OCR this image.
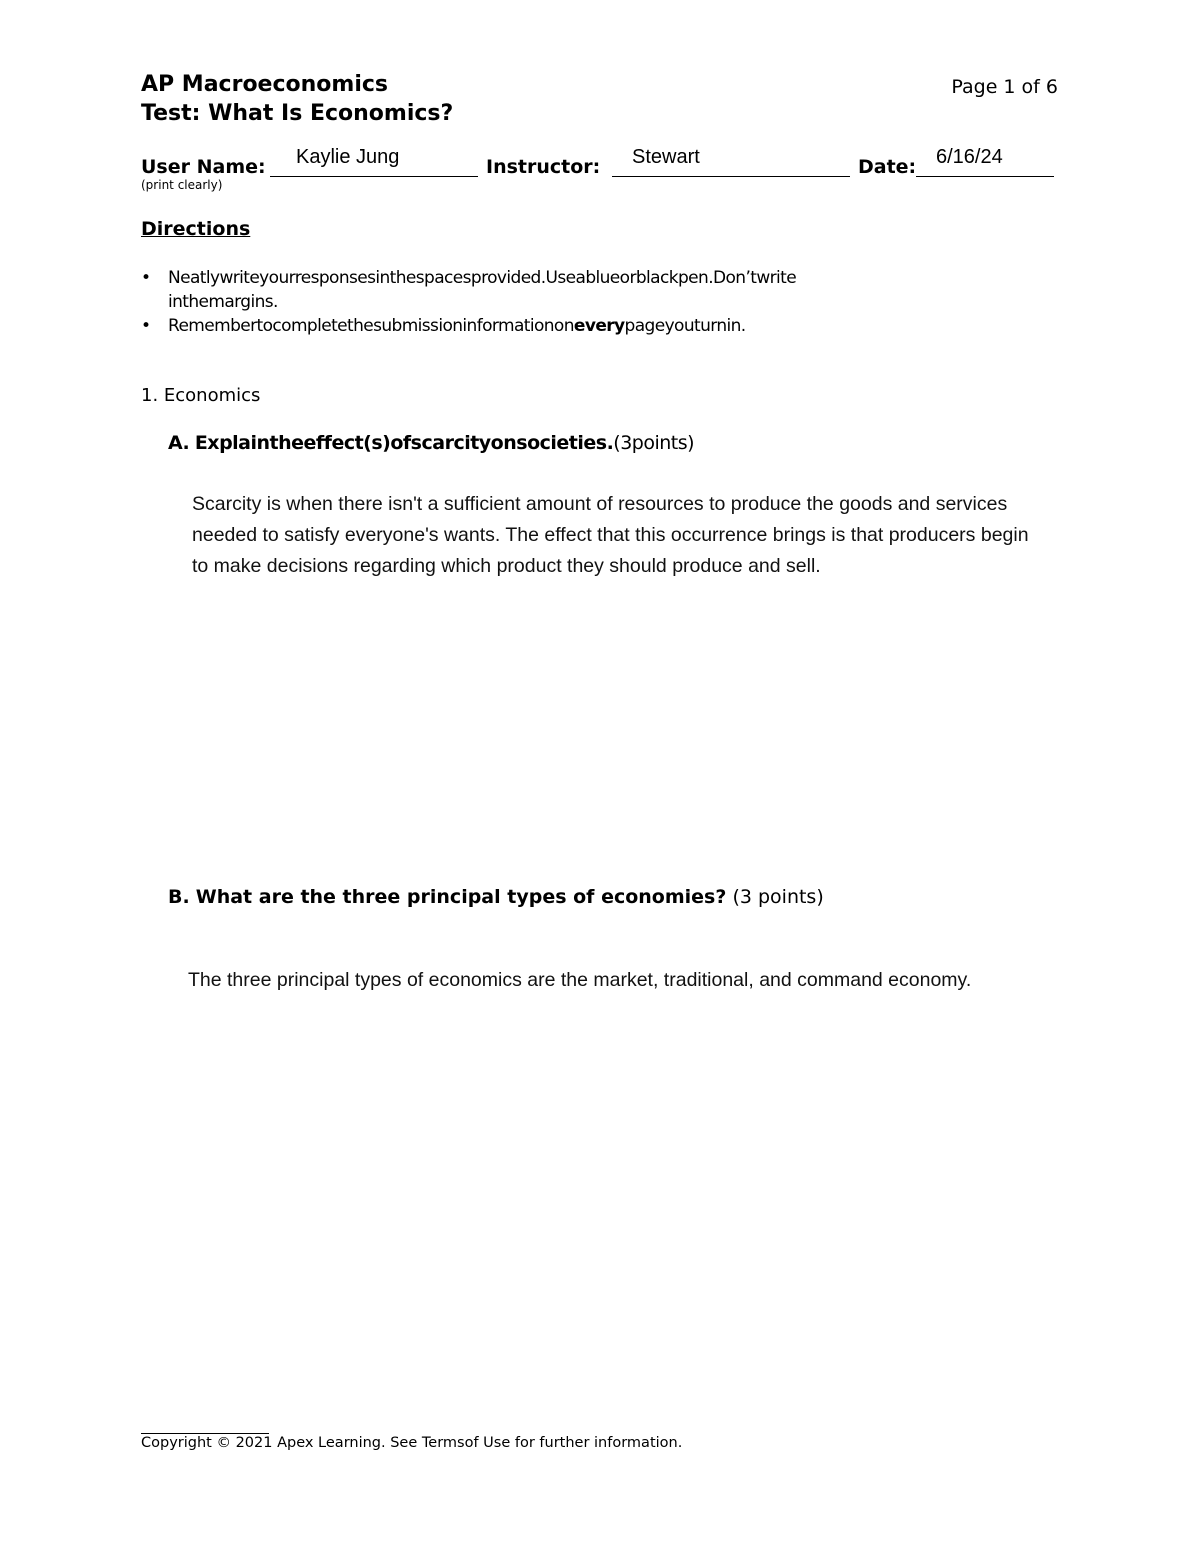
AP Macroeconomics
Test: What Is Economics?
Page 1 of 6
User Name: Kaylie Jung
(print clearly)
Instructor: Stewart	Date: 6/16/24
Directions
• Neatlywriteyourresponsesinthespacesprovided.Useablueorblackpen.Don’twrite
inthemargins.
• Remembertocompletethesubmissioninformationoneverypageyouturnin.
1. Economics
A. Explaintheeffect(s)ofscarcityonsocieties.(3points)
Scarcity is when there isn't a sufficient amount of resources to produce the goods and services needed to satisfy everyone's wants. The effect that this occurrence brings is that producers begin to make decisions regarding which product they should produce and sell.
B. What are the three principal types of economies? (3 points)
The three principal types of economics are the market, traditional, and command economy.
Copyright © 2021 Apex Learning. See Termsof Use for further information.
